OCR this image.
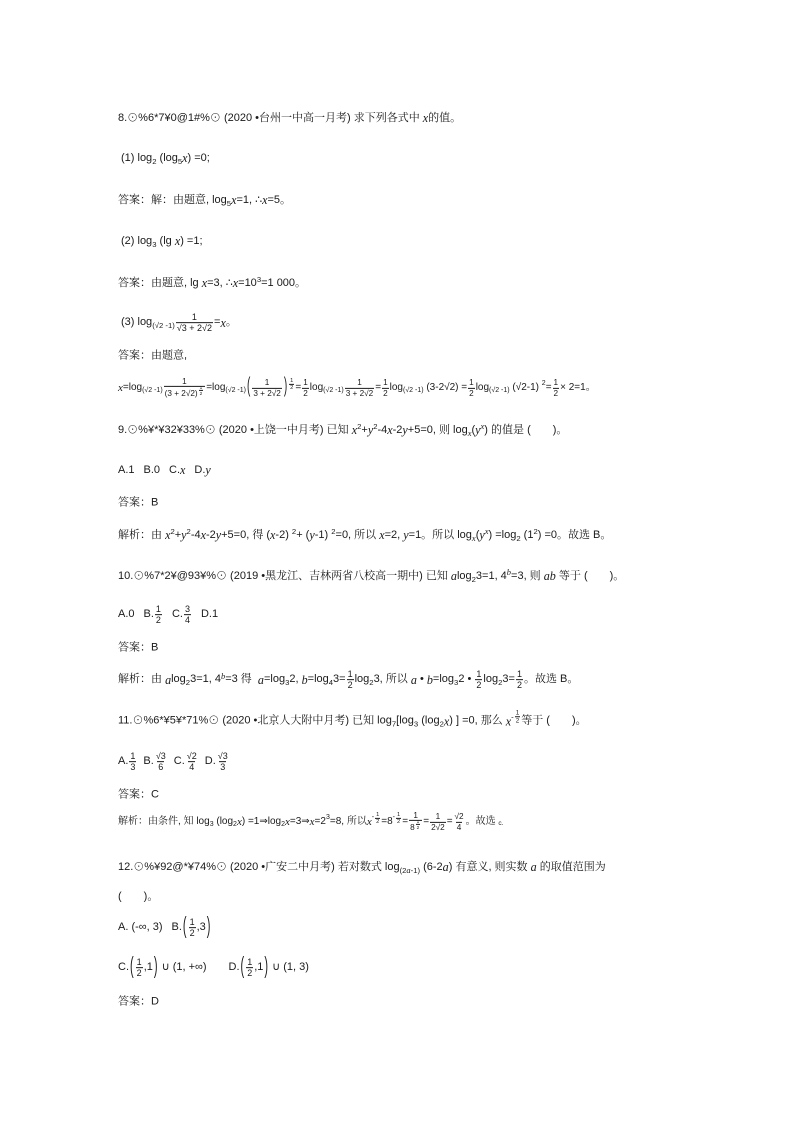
8.⊙%6*7¥0@1#%⊙ (2020 •台州一中高一月考) 求下列各式中 x 的值。
(1) log 2 (log 5 x ) =0;
答案：解：由题意, log 5 x =1, ∴ x =5。
(2) log 3 (lg x ) =1;
答案：由题意, lg x =3, ∴ x =10 3 =1 000。
(3) log (√2 $-1) \frac{1}{√3 + 2√2} = x$ 。
答案：由题意,
x =log (√2 $-1) \frac{1}{(3 + 2√2) \frac{1}{2}} =\log$ (√2 -1) ( $\frac{1}{3 + 2√2}$ ) $\frac{1}{2} = \frac{1}{2}$ log (√2 $-1) \frac{1}{3 + 2√2} = \frac{1}{2}$ log (√2 -1) $(3-2√2) = \frac{1}{2}$ log (√2 -1) (√2-1) $2 = \frac{1}{2} \times 2=1$。
9.⊙%¥*¥32¥33%⊙ (2020 •上饶一中月考) 已知 x 2 + y 2 -4 x -2 y +5=0, 则 log x ( y x ) 的值是 (　　)。
A.1 B.0 C. x D. y
答案：B
解析：由 x 2 + y 2 -4 x -2 y +5=0, 得 ( x -2) 2 + ( y -1) 2 =0, 所以 x =2, y =1。所以 log x ( y x ) =log 2 (1 2 ) =0。故选 B。
10.⊙%7*2¥@93¥%⊙ (2019 •黑龙江、吉林两省八校高一期中) 已知 a log 2 3=1, 4 b =3, 则 ab 等于 (　　)。
A.0 B. $\frac{1}{2} C$. $\frac{3}{4} D.1$
答案：B
解析：由 a log 2 3=1, 4 b =3 得 a =log 3 2, b =log 4 $3= \frac{1}{2}$ log 2 3, 所以 a • b =log 3 2 • $\frac{1}{2}$ log 2 $3= \frac{1}{2}$ 。故选 B。
11.⊙%6*¥5¥*71%⊙ (2020 •北京人大附中月考) 已知 log 7 [log 3 (log 2 x ) ] =0, 那么 x - $\frac{1}{2}$ 等于 (　　)。
A. $\frac{1}{3} B$. $\frac{√3}{6} C$. $\frac{√2}{4} D$. $\frac{√3}{3}$
答案：C
解析：由条件, 知 log 3 (log 2 x ) =1⇒log 2 x =3⇒ x =2 3 =8, 所以 $x - \frac{1}{2} =8 - \frac{1}{2} = \frac{1}{8 \frac{1}{2}} = \frac{1}{2√2} = \frac{√2}{4}$ 。故选 c.
12.⊙%¥92@*¥74%⊙ (2020 •广安二中月考) 若对数式 log (2 a -1) (6-2 a ) 有意义, 则实数 a 的取值范围为
(　　)。
A. (-∞, 3) B. ( $\frac{1}{2} ,3$ )
C. ( $\frac{1}{2} ,1$ ) ∪ (1, +∞) D. ( $\frac{1}{2} ,1$ ) ∪ (1, 3)
答案：D
